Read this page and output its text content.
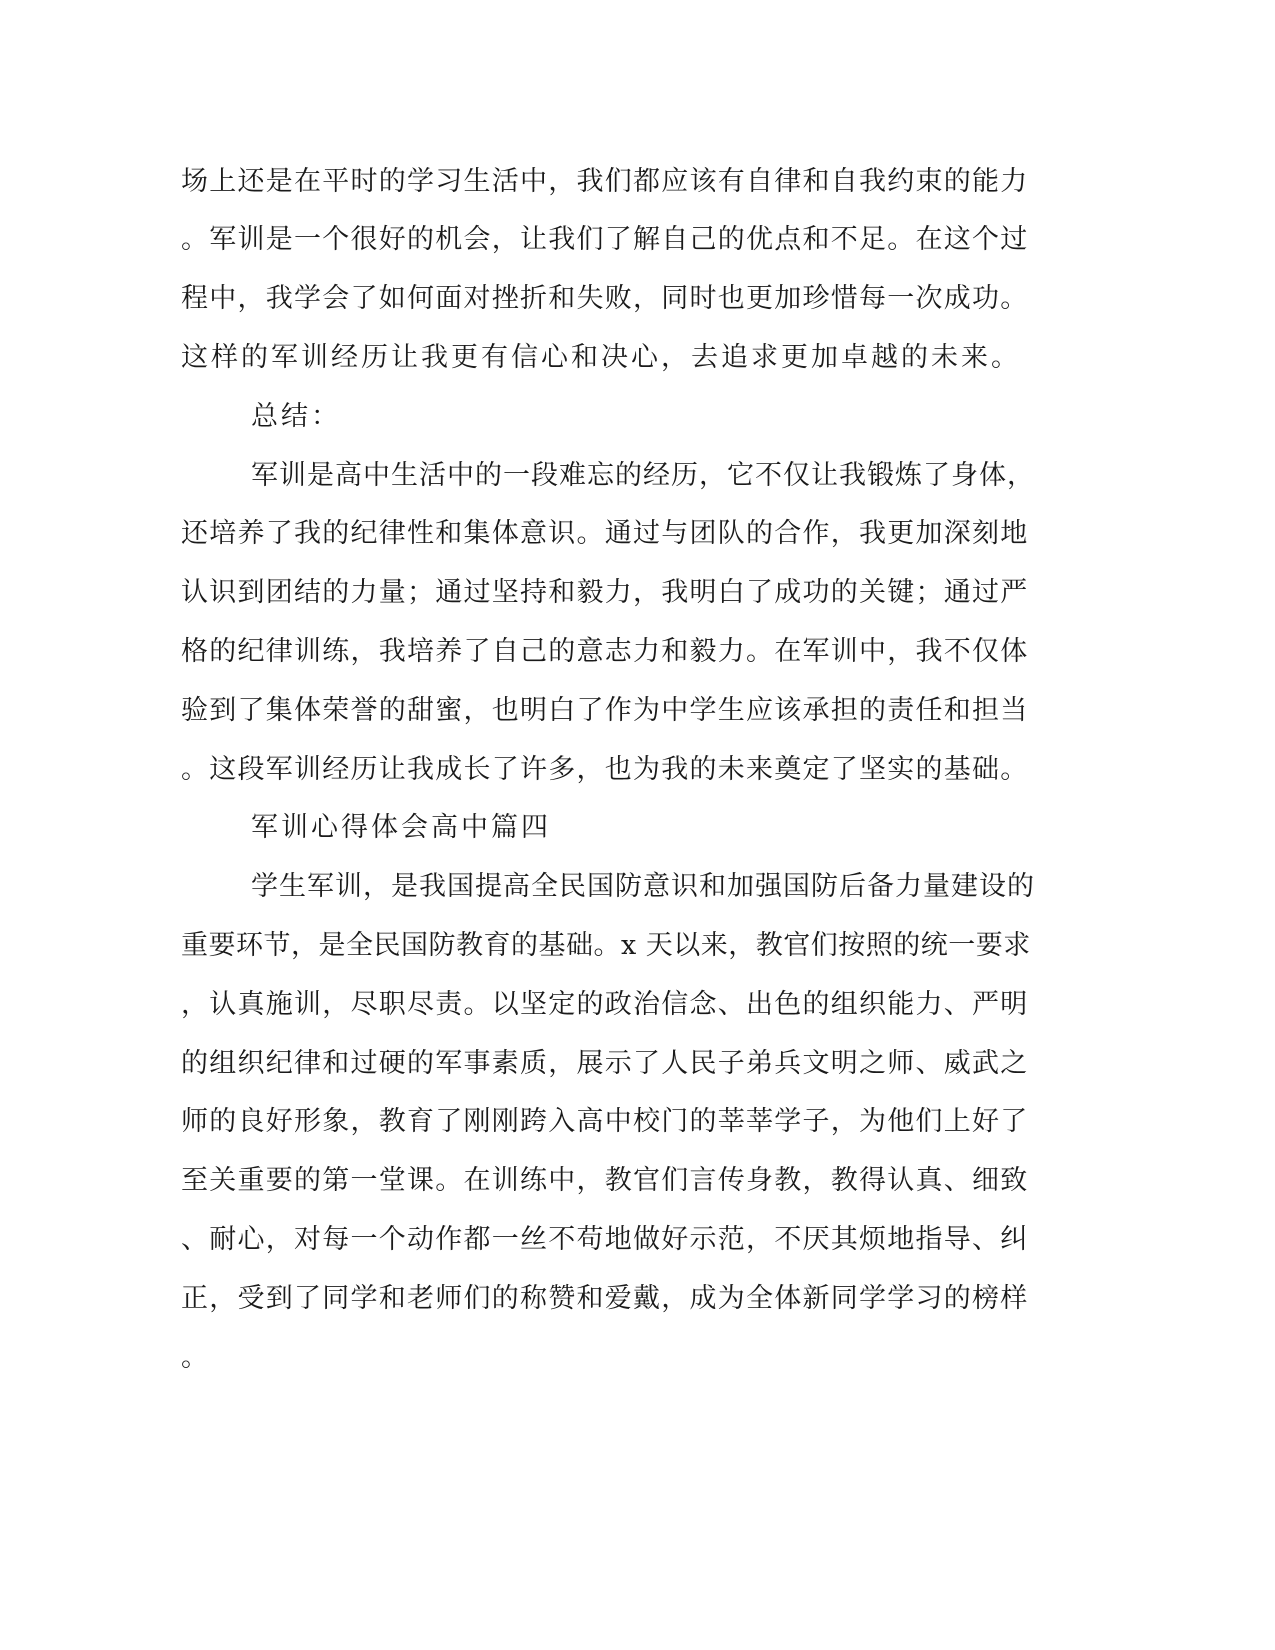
场上还是在平时的学习生活中，我们都应该有自律和自我约束的能力

。军训是一个很好的机会，让我们了解自己的优点和不足。在这个过

程中，我学会了如何面对挫折和失败，同时也更加珍惜每一次成功。

这样的军训经历让我更有信心和决心，去追求更加卓越的未来。

总结：

军训是高中生活中的一段难忘的经历，它不仅让我锻炼了身体，

还培养了我的纪律性和集体意识。通过与团队的合作，我更加深刻地

认识到团结的力量；通过坚持和毅力，我明白了成功的关键；通过严

格的纪律训练，我培养了自己的意志力和毅力。在军训中，我不仅体

验到了集体荣誉的甜蜜，也明白了作为中学生应该承担的责任和担当

。这段军训经历让我成长了许多，也为我的未来奠定了坚实的基础。

军训心得体会高中篇四

学生军训，是我国提高全民国防意识和加强国防后备力量建设的

重要环节，是全民国防教育的基础。x 天以来，教官们按照的统一要求

，认真施训，尽职尽责。以坚定的政治信念、出色的组织能力、严明

的组织纪律和过硬的军事素质，展示了人民子弟兵文明之师、威武之

师的良好形象，教育了刚刚跨入高中校门的莘莘学子，为他们上好了

至关重要的第一堂课。在训练中，教官们言传身教，教得认真、细致

、耐心，对每一个动作都一丝不苟地做好示范，不厌其烦地指导、纠

正，受到了同学和老师们的称赞和爱戴，成为全体新同学学习的榜样

。
